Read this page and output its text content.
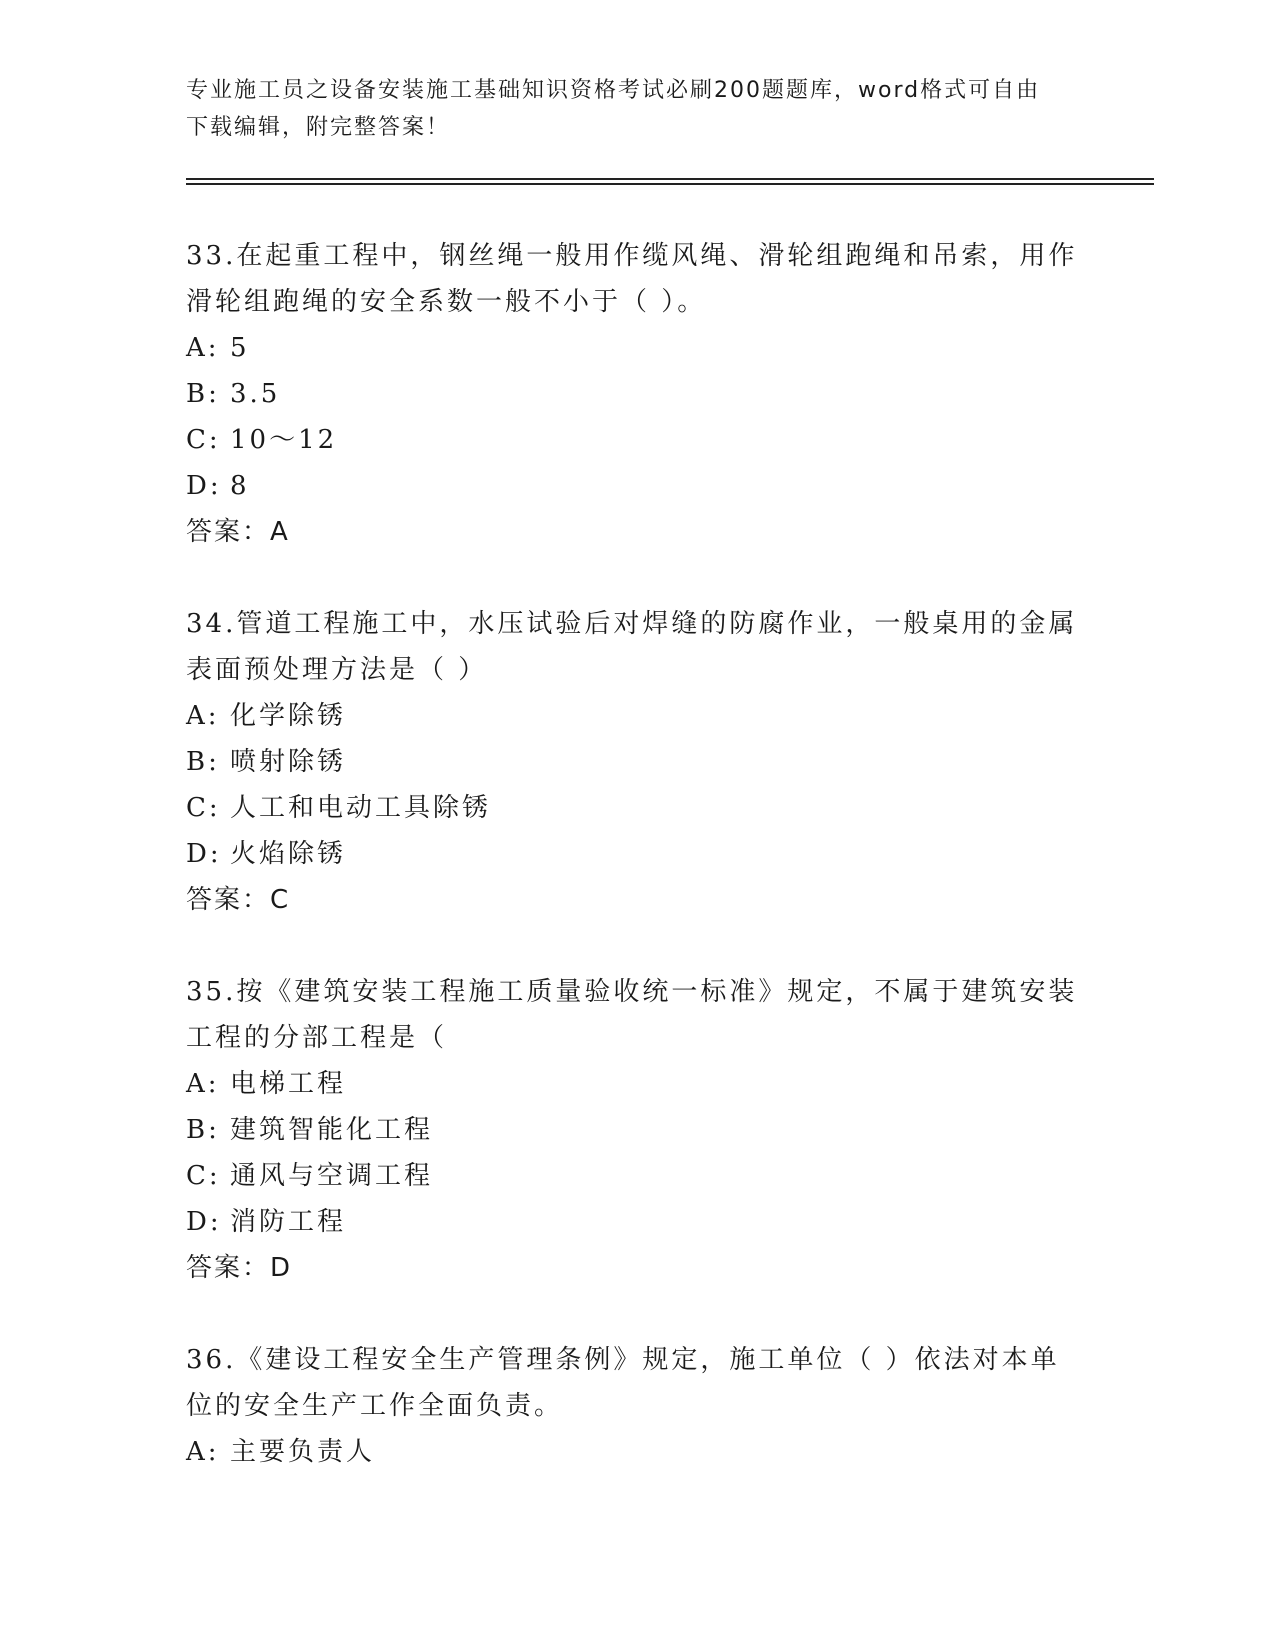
专业施工员之设备安装施工基础知识资格考试必刷200题题库，word格式可自由
下载编辑，附完整答案！
33.在起重工程中，钢丝绳一般用作缆风绳、滑轮组跑绳和吊索，用作
滑轮组跑绳的安全系数一般不小于（ ）。
A: 5
B: 3.5
C: 10～12
D: 8
答案：A
34.管道工程施工中，水压试验后对焊缝的防腐作业，一般桌用的金属
表面预处理方法是（ ）
A: 化学除锈
B: 喷射除锈
C: 人工和电动工具除锈
D: 火焰除锈
答案：C
35.按《建筑安装工程施工质量验收统一标准》规定，不属于建筑安装
工程的分部工程是（
A: 电梯工程
B: 建筑智能化工程
C: 通风与空调工程
D: 消防工程
答案：D
36.《建设工程安全生产管理条例》规定，施工单位（ ）依法对本单
位的安全生产工作全面负责。
A: 主要负责人
